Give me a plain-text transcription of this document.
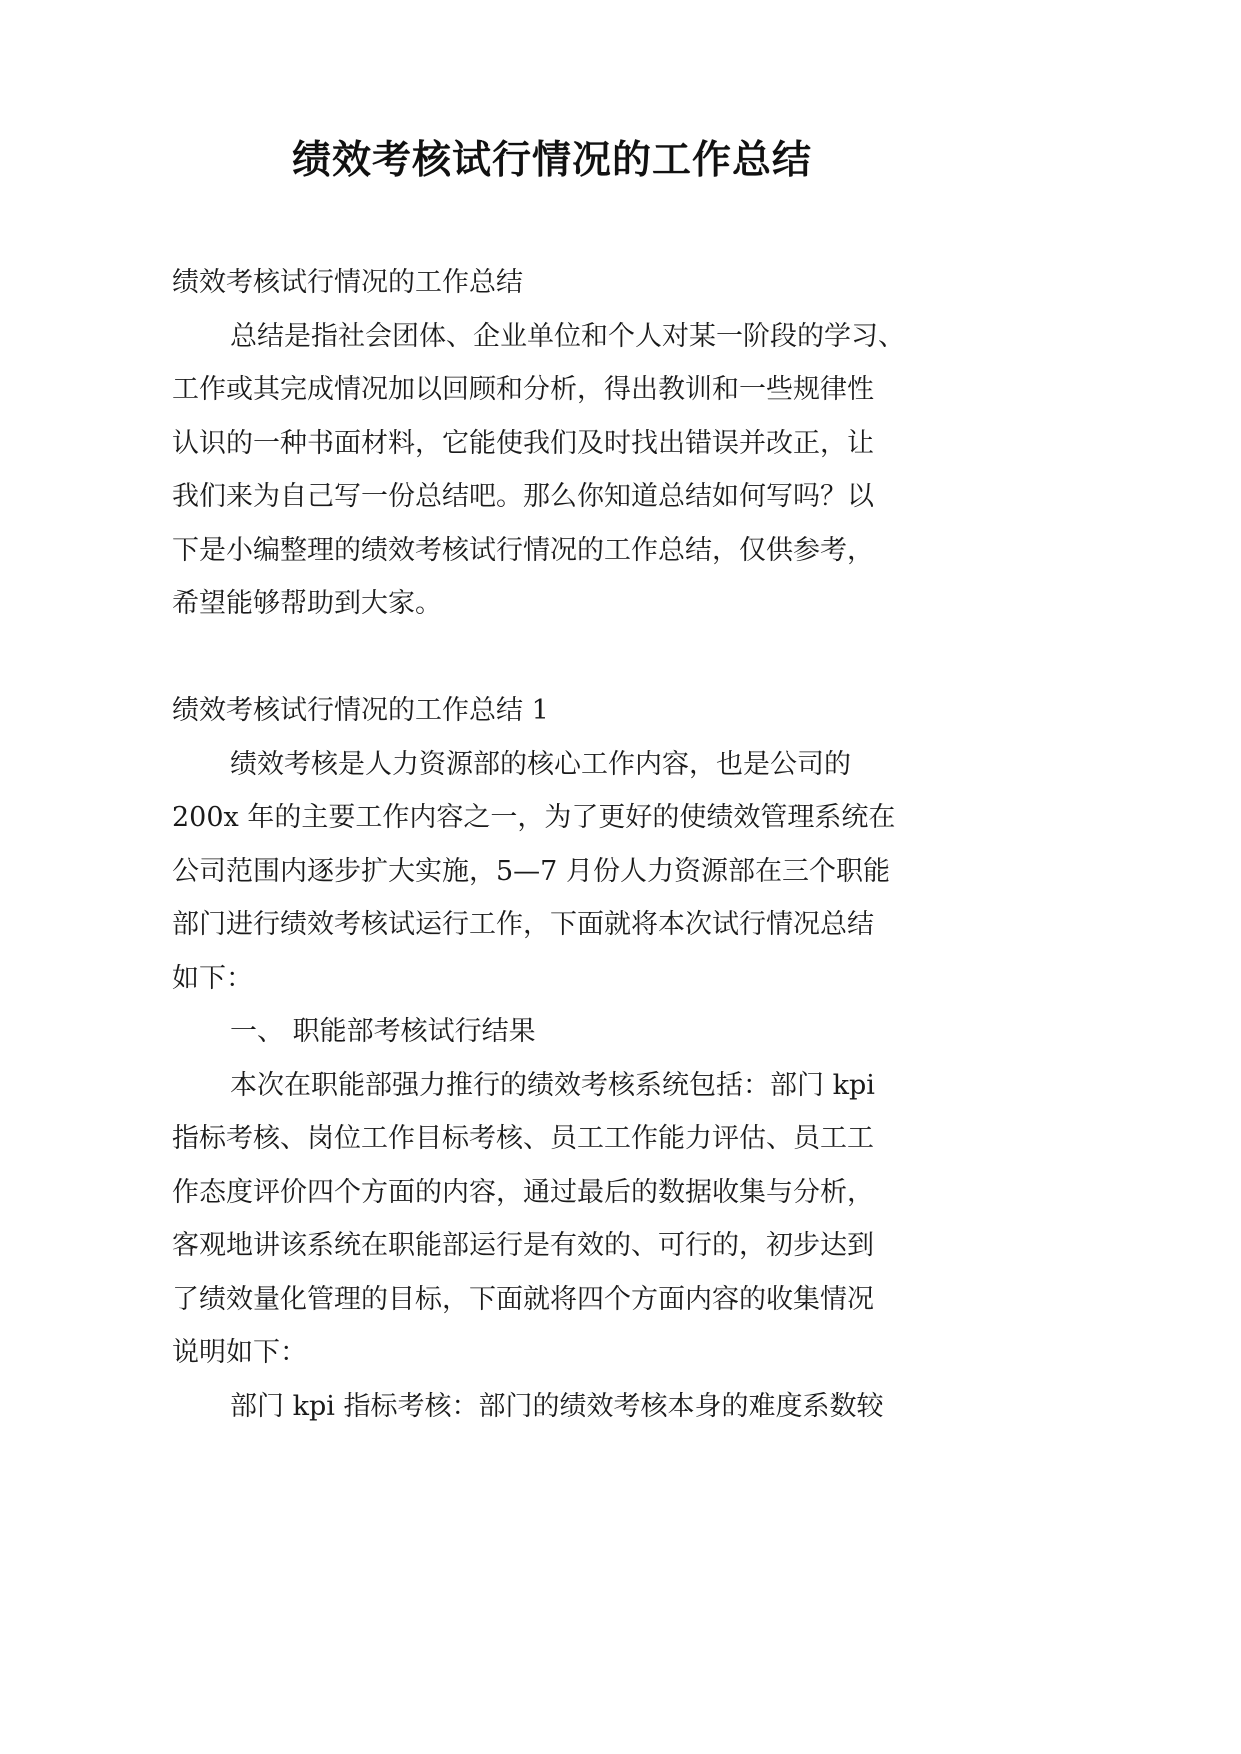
绩效考核试行情况的工作总结
绩效考核试行情况的工作总结
总结是指社会团体、企业单位和个人对某一阶段的学习、
工作或其完成情况加以回顾和分析，得出教训和一些规律性
认识的一种书面材料，它能使我们及时找出错误并改正，让
我们来为自己写一份总结吧。那么你知道总结如何写吗？以
下是小编整理的绩效考核试行情况的工作总结，仅供参考，
希望能够帮助到大家。
绩效考核试行情况的工作总结 1
绩效考核是人力资源部的核心工作内容，也是公司的
200x 年的主要工作内容之一，为了更好的使绩效管理系统在
公司范围内逐步扩大实施，5—7 月份人力资源部在三个职能
部门进行绩效考核试运行工作，下面就将本次试行情况总结
如下：
一、 职能部考核试行结果
本次在职能部强力推行的绩效考核系统包括：部门 kpi
指标考核、岗位工作目标考核、员工工作能力评估、员工工
作态度评价四个方面的内容，通过最后的数据收集与分析，
客观地讲该系统在职能部运行是有效的、可行的，初步达到
了绩效量化管理的目标，下面就将四个方面内容的收集情况
说明如下：
部门 kpi 指标考核：部门的绩效考核本身的难度系数较
